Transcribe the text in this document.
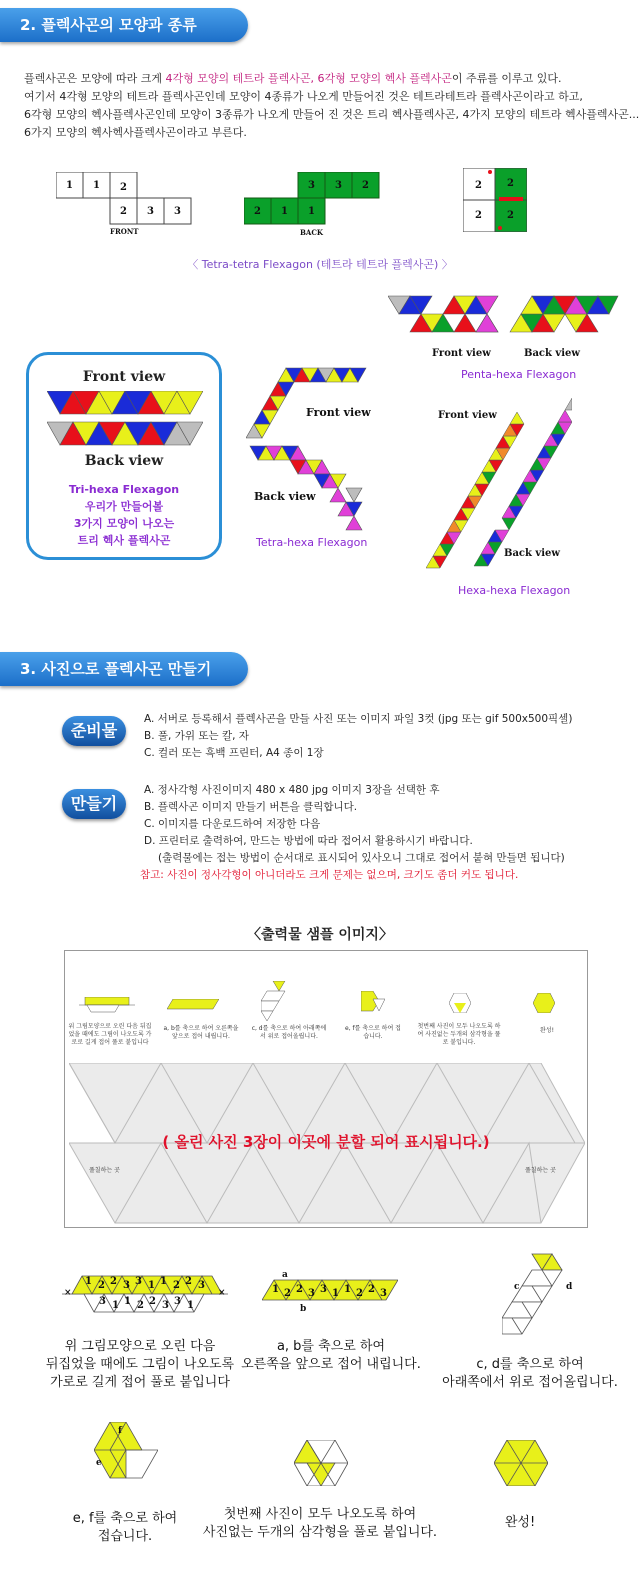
2. 플렉사곤의 모양과 종류
플렉사곤은 모양에 따라 크게 4각형 모양의 테트라 플렉사곤, 6각형 모양의 헥사 플렉사곤이 주류를 이루고 있다.
여기서 4각형 모양의 테트라 플렉사곤인데 모양이 4종류가 나오게 만들어진 것은 테트라테트라 플렉사곤이라고 하고,
6각형 모양의 헥사플렉사곤인데 모양이 3종류가 나오게 만들어 진 것은 트리 헥사플렉사곤, 4가지 모양의 테트라 헥사플렉사곤...
6가지 모양의 헥사헥사플렉사곤이라고 부른다.
1 1 2
2 3 3
FRONT
3 3 2
2 1 1
BACK
2	2
2	2
〈 Tetra-tetra Flexagon (테트라 테트라 플렉사곤) 〉
Front view
Back view
Tri-hexa Flexagon
우리가 만들어볼
3가지 모양이 나오는
트리 헥사 플렉사곤
Front view
Back view
Tetra-hexa Flexagon
Front view	Back view
Penta-hexa Flexagon
Front view
Back view
Hexa-hexa Flexagon
3. 사진으로 플렉사곤 만들기
준비물
A. 서버로 등록해서 플렉사곤을 만들 사진 또는 이미지 파일 3컷 (jpg 또는 gif 500x500픽셀)
B. 풀, 가위 또는 칼, 자
C. 컬러 또는 흑백 프린터, A4 종이 1장
만들기
A. 정사각형 사진이미지 480 x 480 jpg 이미지 3장을 선택한 후
B. 플렉사곤 이미지 만들기 버튼을 클릭합니다.
C. 이미지를 다운로드하여 저장한 다음
D. 프린터로 출력하여, 만드는 방법에 따라 접어서 활용하시기 바랍니다.
(출력물에는 접는 방법이 순서대로 표시되어 있사오니 그대로 접어서 붙혀 만들면 됩니다)
참고: 사진이 정사각형이 아니더라도 크게 문제는 없으며, 크기도 좀더 커도 됩니다.
〈출력물 샘플 이미지〉
위 그림모양으로 오린 다음 뒤집었을 때에도 그림이 나오도록 가로로 길게 접어 풀로 붙입니다
a, b를 축으로 하여 오른쪽을 앞으로 접어 내립니다.
c, d를 축으로 하여 아래쪽에서 위로 접어올립니다.
e, f를 축으로 하여 접습니다.
첫번째 사진이 모두 나오도록 하여 사진없는 두개의 삼각형을 풀로 붙입니다.
완성!
( 올린 사진 3장이 이곳에 분할 되어 표시됩니다.)
풀칠하는 곳	풀칠하는 곳
×	×
1 2 2 3 3 1 1 2 2 3
3 1 1 2 2 3 3 1
위 그림모양으로 오린 다음
뒤집었을 때에도 그림이 나오도록
가로로 길게 접어 풀로 붙입니다
a
b
1 2 2 3 3 1 1 2 2 3
a, b를 축으로 하여
오른쪽을 앞으로 접어 내립니다.
c	d
c, d를 축으로 하여
아래쪽에서 위로 접어올립니다.
f
e
e, f를 축으로 하여
접습니다.
첫번째 사진이 모두 나오도록 하여
사진없는 두개의 삼각형을 풀로 붙입니다.
완성!
